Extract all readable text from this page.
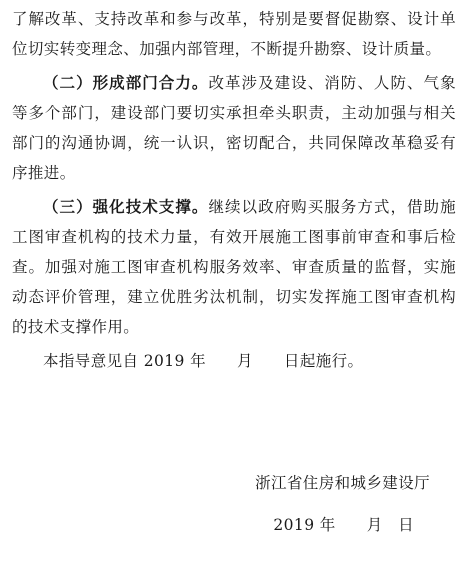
了解改革、支持改革和参与改革，特别是要督促勘察、设计单位切实转变理念、加强内部管理，不断提升勘察、设计质量。

（二）形成部门合力。改革涉及建设、消防、人防、气象等多个部门，建设部门要切实承担牵头职责，主动加强与相关部门的沟通协调，统一认识，密切配合，共同保障改革稳妥有序推进。

（三）强化技术支撑。继续以政府购买服务方式，借助施工图审查机构的技术力量，有效开展施工图事前审查和事后检查。加强对施工图审查机构服务效率、审查质量的监督，实施动态评价管理，建立优胜劣汰机制，切实发挥施工图审查机构的技术支撑作用。

本指导意见自 2019 年 月 日起施行。

浙江省住房和城乡建设厅
2019 年 月 日
